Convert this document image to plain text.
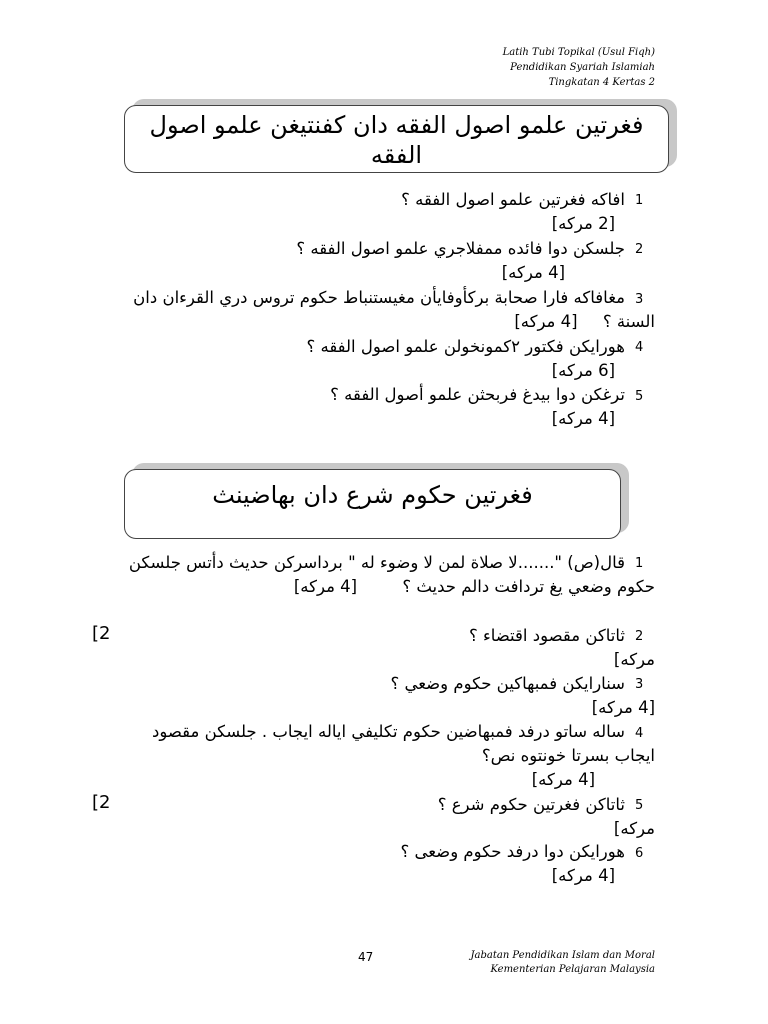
Latih Tubi Topikal (Usul Fiqh)
Pendidikan Syariah Islamiah
Tingkatan 4 Kertas 2
فغرتين علمو اصول الفقه دان كفنتيغن علمو اصول الفقه
1
افاكه فغرتين علمو اصول الفقه ؟
[2 مركه]
2
جلسكن دوا فائده ممفلاجري علمو اصول الفقه ؟
[4 مركه]
3
مغافاكه فارا صحابة بركأوفايأن مغيستنباط حكوم تروس دري القرءان دان السنة ؟ [4 مركه]
4
هورايكن فكتور ٢كمونخولن علمو اصول الفقه ؟
[6 مركه]
5
ترغكن دوا بيدغ فربحثن علمو أصول الفقه ؟
[4 مركه]
فغرتين حكوم شرع دان بهاضينث
1
قال(ص) ".......لا صلاة لمن لا وضوء له " برداسركن حديث دأتس جلسكن حكوم وضعي يغ تردافت دالم حديث ؟ [4 مركه]
2
ثاتاكن مقصود اقتضاء ؟
مركه]
[2
3
سنارايكن فمبهاكين حكوم وضعي ؟
[4 مركه]
4
ساله ساتو درفد فمبهاضين حكوم تكليفي اياله ايجاب . جلسكن مقصود ايجاب بسرتا خونتوه نص؟
[4 مركه]
5
ثاتاكن فغرتين حكوم شرع ؟
مركه]
[2
6
هورايكن دوا درفد حكوم وضعى ؟
[4 مركه]
47	Jabatan Pendidikan Islam dan Moral
Kementerian Pelajaran Malaysia
